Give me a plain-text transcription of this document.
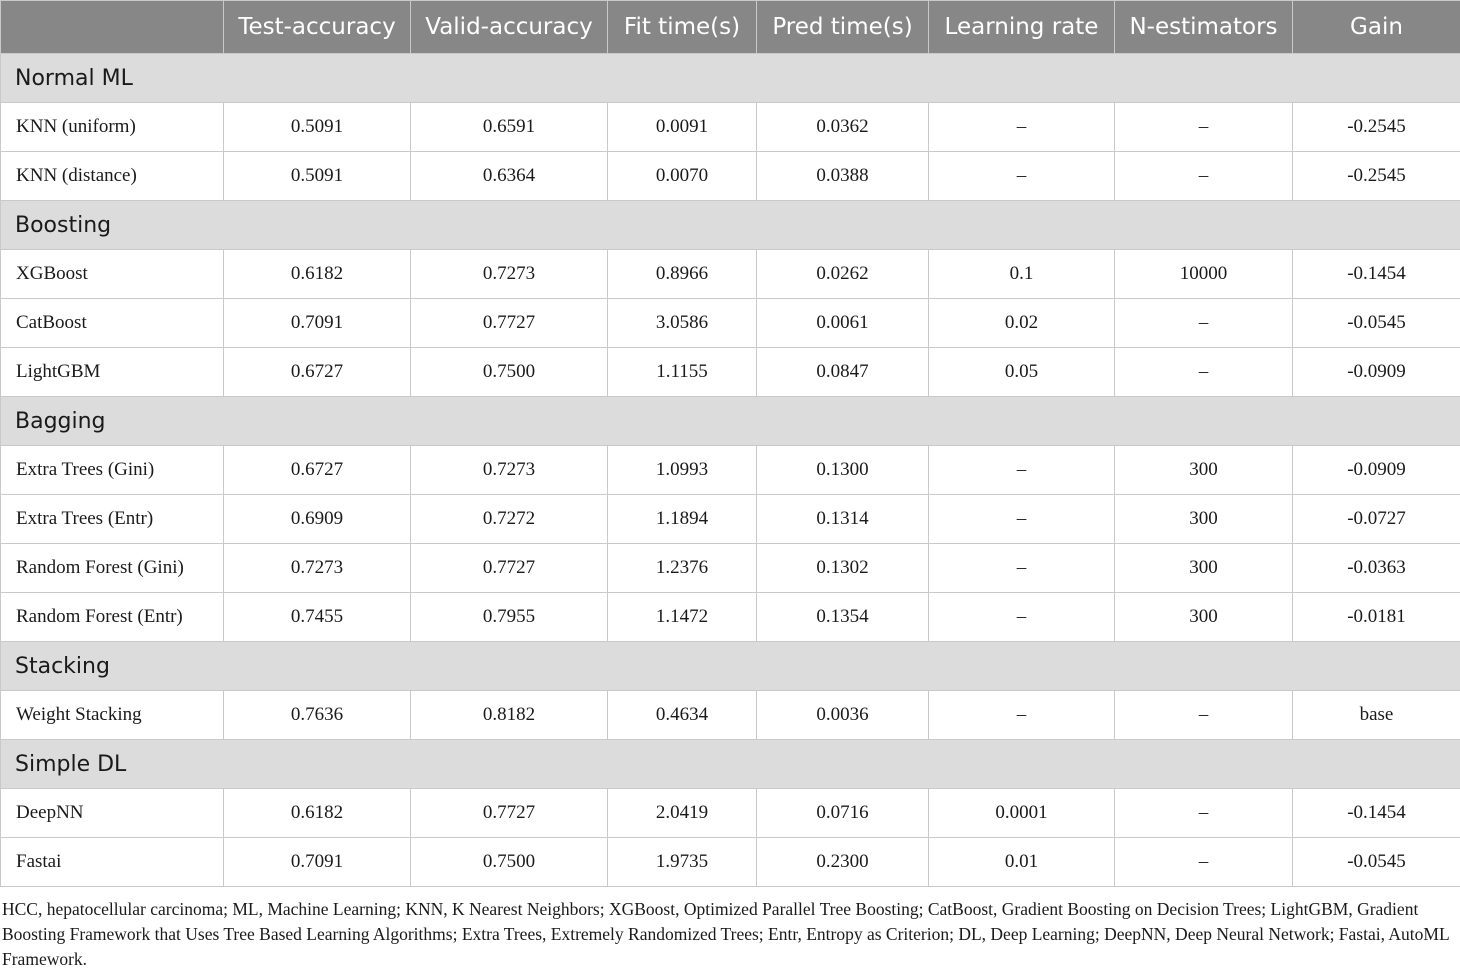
	Test-accuracy	Valid-accuracy	Fit time(s)	Pred time(s)	Learning rate	N-estimators	Gain
Normal ML							
KNN (uniform)	0.5091	0.6591	0.0091	0.0362	–	–	-0.2545
KNN (distance)	0.5091	0.6364	0.0070	0.0388	–	–	-0.2545
Boosting							
XGBoost	0.6182	0.7273	0.8966	0.0262	0.1	10000	-0.1454
CatBoost	0.7091	0.7727	3.0586	0.0061	0.02	–	-0.0545
LightGBM	0.6727	0.7500	1.1155	0.0847	0.05	–	-0.0909
Bagging							
Extra Trees (Gini)	0.6727	0.7273	1.0993	0.1300	–	300	-0.0909
Extra Trees (Entr)	0.6909	0.7272	1.1894	0.1314	–	300	-0.0727
Random Forest (Gini)	0.7273	0.7727	1.2376	0.1302	–	300	-0.0363
Random Forest (Entr)	0.7455	0.7955	1.1472	0.1354	–	300	-0.0181
Stacking							
Weight Stacking	0.7636	0.8182	0.4634	0.0036	–	–	base
Simple DL							
DeepNN	0.6182	0.7727	2.0419	0.0716	0.0001	–	-0.1454
Fastai	0.7091	0.7500	1.9735	0.2300	0.01	–	-0.0545
HCC, hepatocellular carcinoma; ML, Machine Learning; KNN, K Nearest Neighbors; XGBoost, Optimized Parallel Tree Boosting; CatBoost, Gradient Boosting on Decision Trees; LightGBM, Gradient Boosting Framework that Uses Tree Based Learning Algorithms; Extra Trees, Extremely Randomized Trees; Entr, Entropy as Criterion; DL, Deep Learning; DeepNN, Deep Neural Network; Fastai, AutoML Framework.
